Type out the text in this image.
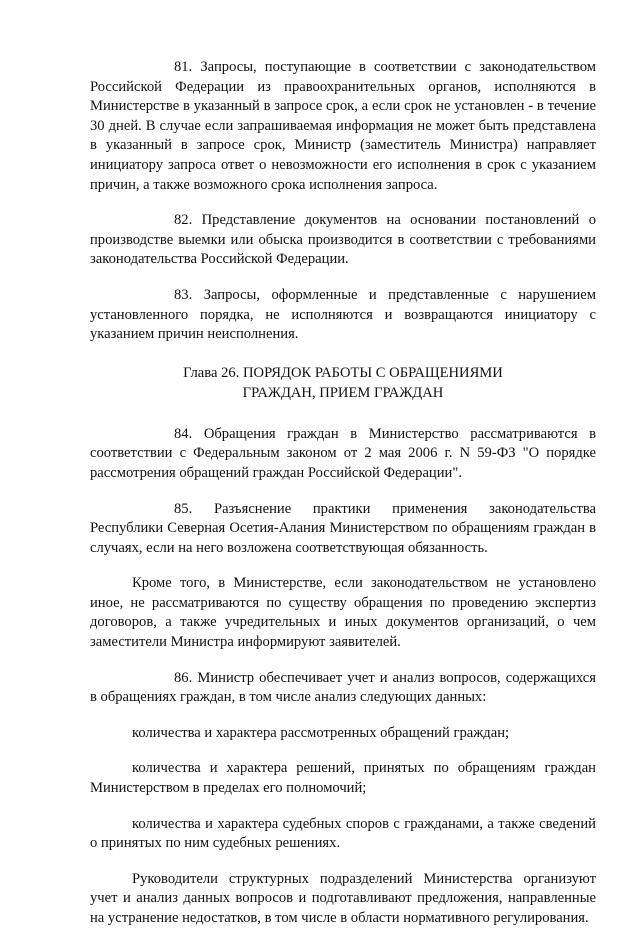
81. Запросы, поступающие в соответствии с законодательством Российской Федерации из правоохранительных органов, исполняются в Министерстве в указанный в запросе срок, а если срок не установлен - в течение 30 дней. В случае если запрашиваемая информация не может быть представлена в указанный в запросе срок, Министр (заместитель Министра) направляет инициатору запроса ответ о невозможности его исполнения в срок с указанием причин, а также возможного срока исполнения запроса.

82. Представление документов на основании постановлений о производстве выемки или обыска производится в соответствии с требованиями законодательства Российской Федерации.

83. Запросы, оформленные и представленные с нарушением установленного порядка, не исполняются и возвращаются инициатору с указанием причин неисполнения.

Глава 26. ПОРЯДОК РАБОТЫ С ОБРАЩЕНИЯМИ
ГРАЖДАН, ПРИЕМ ГРАЖДАН

84. Обращения граждан в Министерство рассматриваются в соответствии с Федеральным законом от 2 мая 2006 г. N 59-ФЗ "О порядке рассмотрения обращений граждан Российской Федерации".

85. Разъяснение практики применения законодательства Республики Северная Осетия-Алания Министерством по обращениям граждан в случаях, если на него возложена соответствующая обязанность.

Кроме того, в Министерстве, если законодательством не установлено иное, не рассматриваются по существу обращения по проведению экспертиз договоров, а также учредительных и иных документов организаций, о чем заместители Министра информируют заявителей.

86. Министр обеспечивает учет и анализ вопросов, содержащихся в обращениях граждан, в том числе анализ следующих данных:

количества и характера рассмотренных обращений граждан;

количества и характера решений, принятых по обращениям граждан Министерством в пределах его полномочий;

количества и характера судебных споров с гражданами, а также сведений о принятых по ним судебных решениях.

Руководители структурных подразделений Министерства организуют учет и анализ данных вопросов и подготавливают предложения, направленные на устранение недостатков, в том числе в области нормативного регулирования.
